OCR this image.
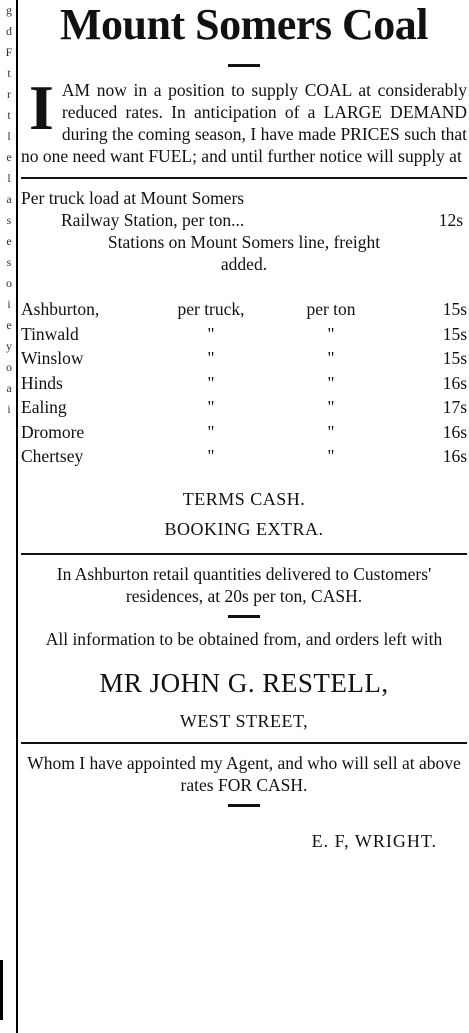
g
d
F
t
r
t
l
e
l
a
s
e
s
o
i
e
y
o
a
i
Mount Somers Coal

I AM now in a position to supply COAL at considerably reduced rates. In anticipation of a LARGE DEMAND during the coming season, I have made PRICES such that no one need want FUEL; and until further notice will supply at

Per truck load at Mount Somers

Railway Station, per ton...	12s

Stations on Mount Somers line, freight

added.

Ashburton,	per truck,	per ton	15s
Tinwald	"	"	15s
Winslow	"	"	15s
Hinds	"	"	16s
Ealing	"	"	17s
Dromore	"	"	16s
Chertsey	"	"	16s

TERMS CASH.

BOOKING EXTRA.

In Ashburton retail quantities delivered to Customers' residences, at 20s per ton, CASH.

All information to be obtained from, and orders left with

MR JOHN G. RESTELL,

WEST STREET,

Whom I have appointed my Agent, and who will sell at above rates FOR CASH.

E. F, WRIGHT.
